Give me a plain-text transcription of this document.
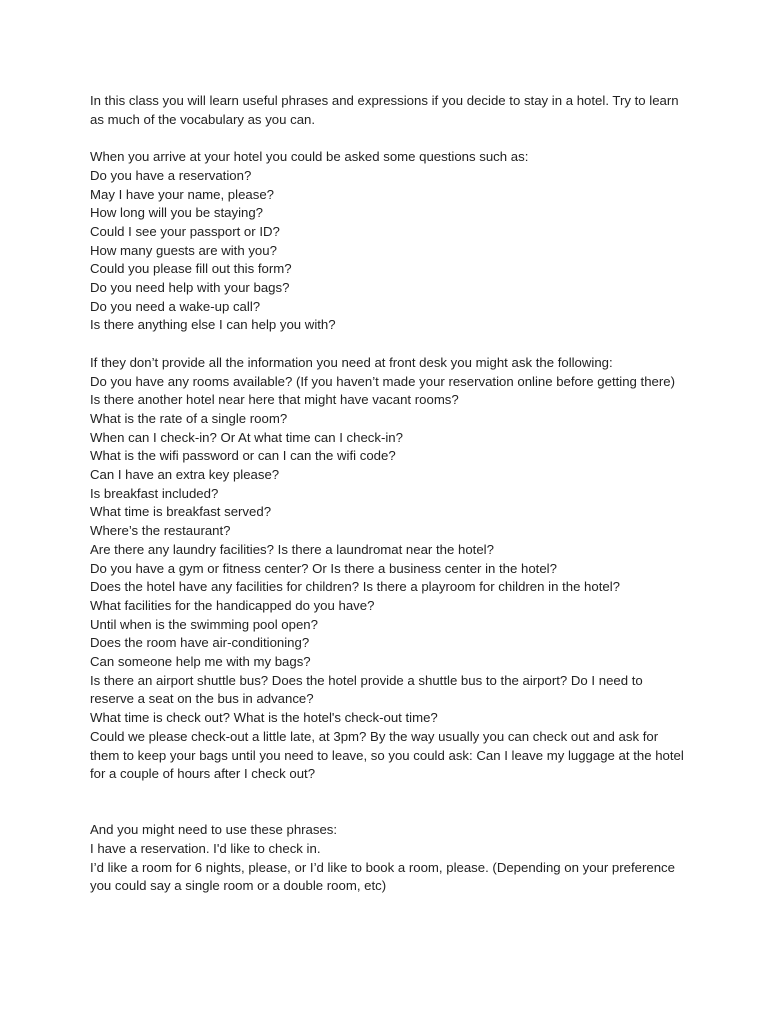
In this class you will learn useful phrases and expressions if you decide to stay in a hotel. Try to learn as much of the vocabulary as you can.

When you arrive at your hotel you could be asked some questions such as:
Do you have a reservation?
May I have your name, please?
How long will you be staying?
Could I see your passport or ID?
How many guests are with you?
Could you please fill out this form?
Do you need help with your bags?
Do you need a wake-up call?
Is there anything else I can help you with?
If they don’t provide all the information you need at front desk you might ask the following:
Do you have any rooms available? (If you haven’t made your reservation online before getting there)
Is there another hotel near here that might have vacant rooms?
What is the rate of a single room?
When can I check-in? Or At what time can I check-in?
What is the wifi password or can I can the wifi code?
Can I have an extra key please?
Is breakfast included?
What time is breakfast served?
Where’s the restaurant?
Are there any laundry facilities? Is there a laundromat near the hotel?
Do you have a gym or fitness center? Or Is there a business center in the hotel?
Does the hotel have any facilities for children? Is there a playroom for children in the hotel?
What facilities for the handicapped do you have?
Until when is the swimming pool open?
Does the room have air-conditioning?
Can someone help me with my bags?
Is there an airport shuttle bus? Does the hotel provide a shuttle bus to the airport? Do I need to reserve a seat on the bus in advance?
What time is check out? What is the hotel's check-out time?
Could we please check-out a little late, at 3pm? By the way usually you can check out and ask for them to keep your bags until you need to leave, so you could ask: Can I leave my luggage at the hotel for a couple of hours after I check out?
And you might need to use these phrases:
I have a reservation. I'd like to check in.
I’d like a room for 6 nights, please, or I’d like to book a room, please. (Depending on your preference you could say a single room or a double room, etc)
